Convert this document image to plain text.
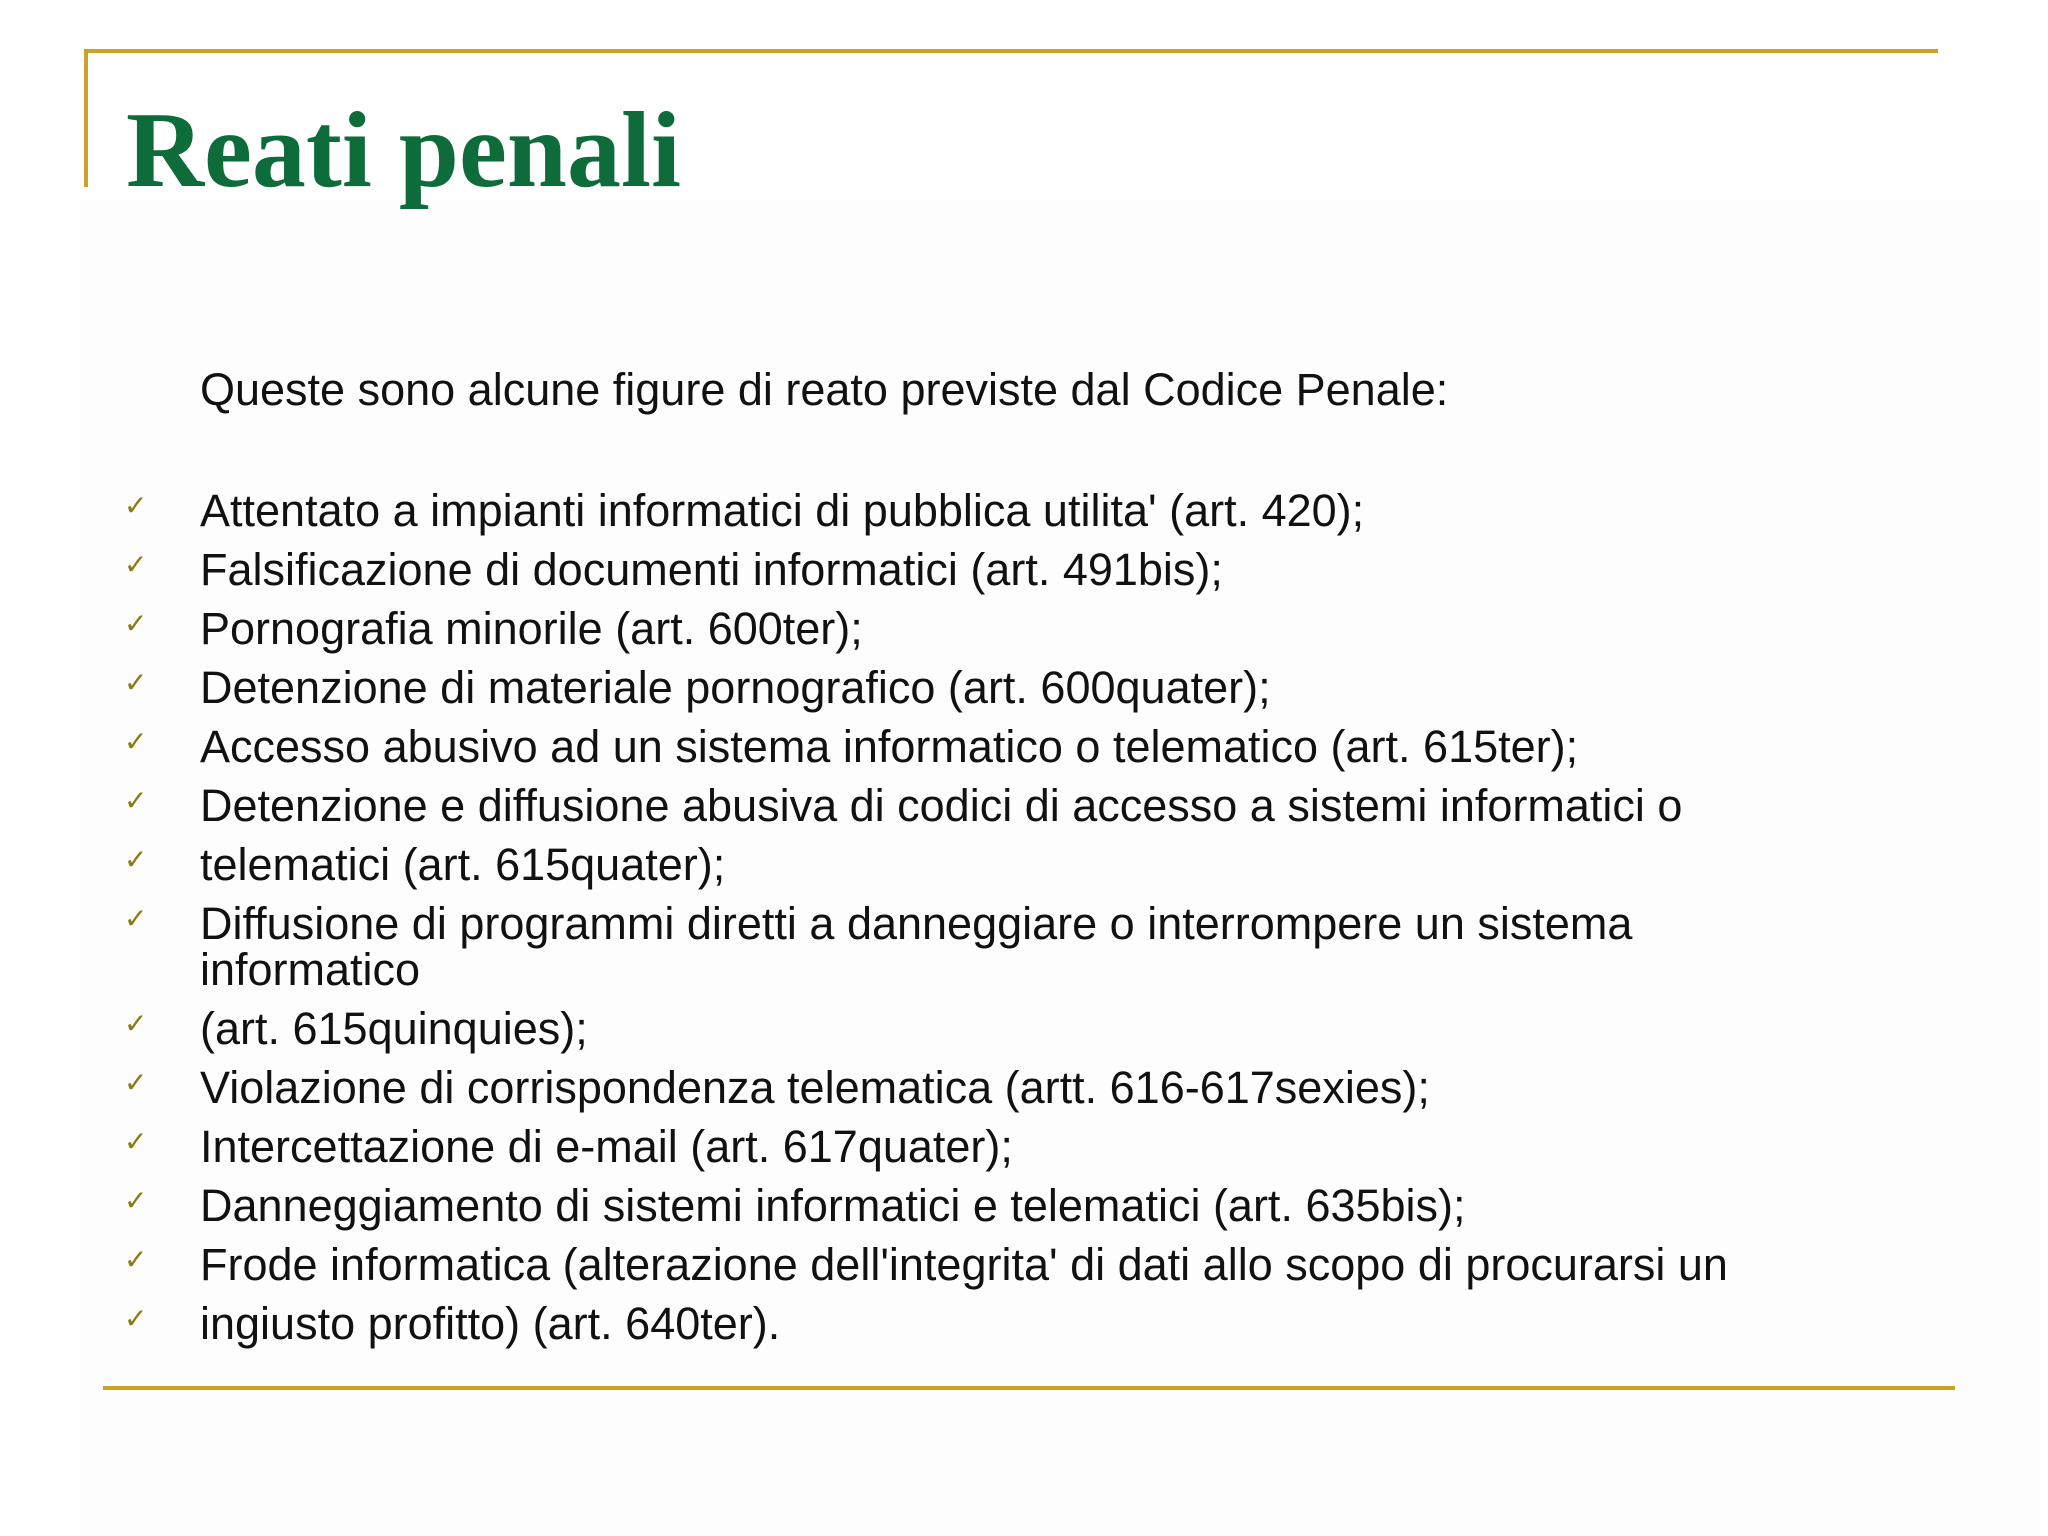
Reati penali

Queste sono alcune figure di reato previste dal Codice Penale:

✓ Attentato a impianti informatici di pubblica utilita' (art. 420);
✓ Falsificazione di documenti informatici (art. 491bis);
✓ Pornografia minorile (art. 600ter);
✓ Detenzione di materiale pornografico (art. 600quater);
✓ Accesso abusivo ad un sistema informatico o telematico (art. 615ter);
✓ Detenzione e diffusione abusiva di codici di accesso a sistemi informatici o
✓ telematici (art. 615quater);
✓ Diffusione di programmi diretti a danneggiare o interrompere un sistema
informatico
✓ (art. 615quinquies);
✓ Violazione di corrispondenza telematica (artt. 616-617sexies);
✓ Intercettazione di e-mail (art. 617quater);
✓ Danneggiamento di sistemi informatici e telematici (art. 635bis);
✓ Frode informatica (alterazione dell'integrita' di dati allo scopo di procurarsi un
✓ ingiusto profitto) (art. 640ter).
